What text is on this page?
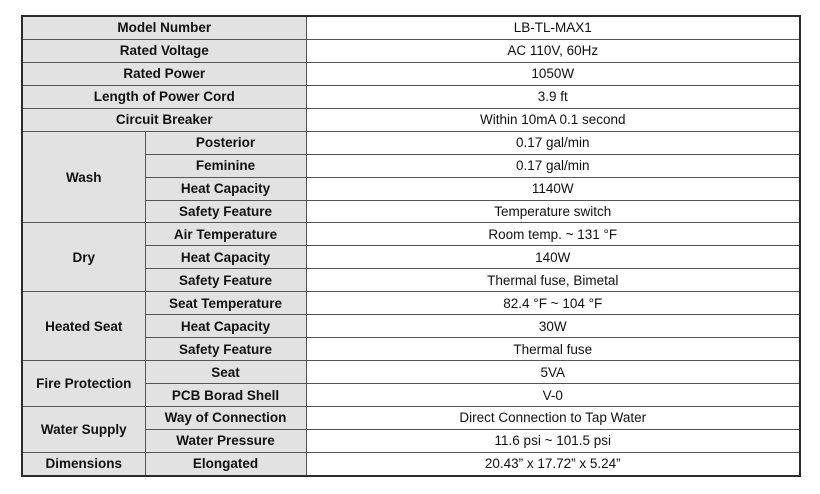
Model Number		LB-TL-MAX1
Rated Voltage		AC 110V, 60Hz
Rated Power		1050W
Length of Power Cord		3.9 ft
Circuit Breaker		Within 10mA 0.1 second
Wash	Posterior	0.17 gal/min
	Feminine	0.17 gal/min
	Heat Capacity	1140W
	Safety Feature	Temperature switch
Dry	Air Temperature	Room temp. ~ 131 °F
	Heat Capacity	140W
	Safety Feature	Thermal fuse, Bimetal
Heated Seat	Seat Temperature	82.4 °F ~ 104 °F
	Heat Capacity	30W
	Safety Feature	Thermal fuse
Fire Protection	Seat	5VA
	PCB Borad Shell	V-0
Water Supply	Way of Connection	Direct Connection to Tap Water
	Water Pressure	11.6 psi ~ 101.5 psi
Dimensions	Elongated	20.43” x 17.72” x 5.24”
